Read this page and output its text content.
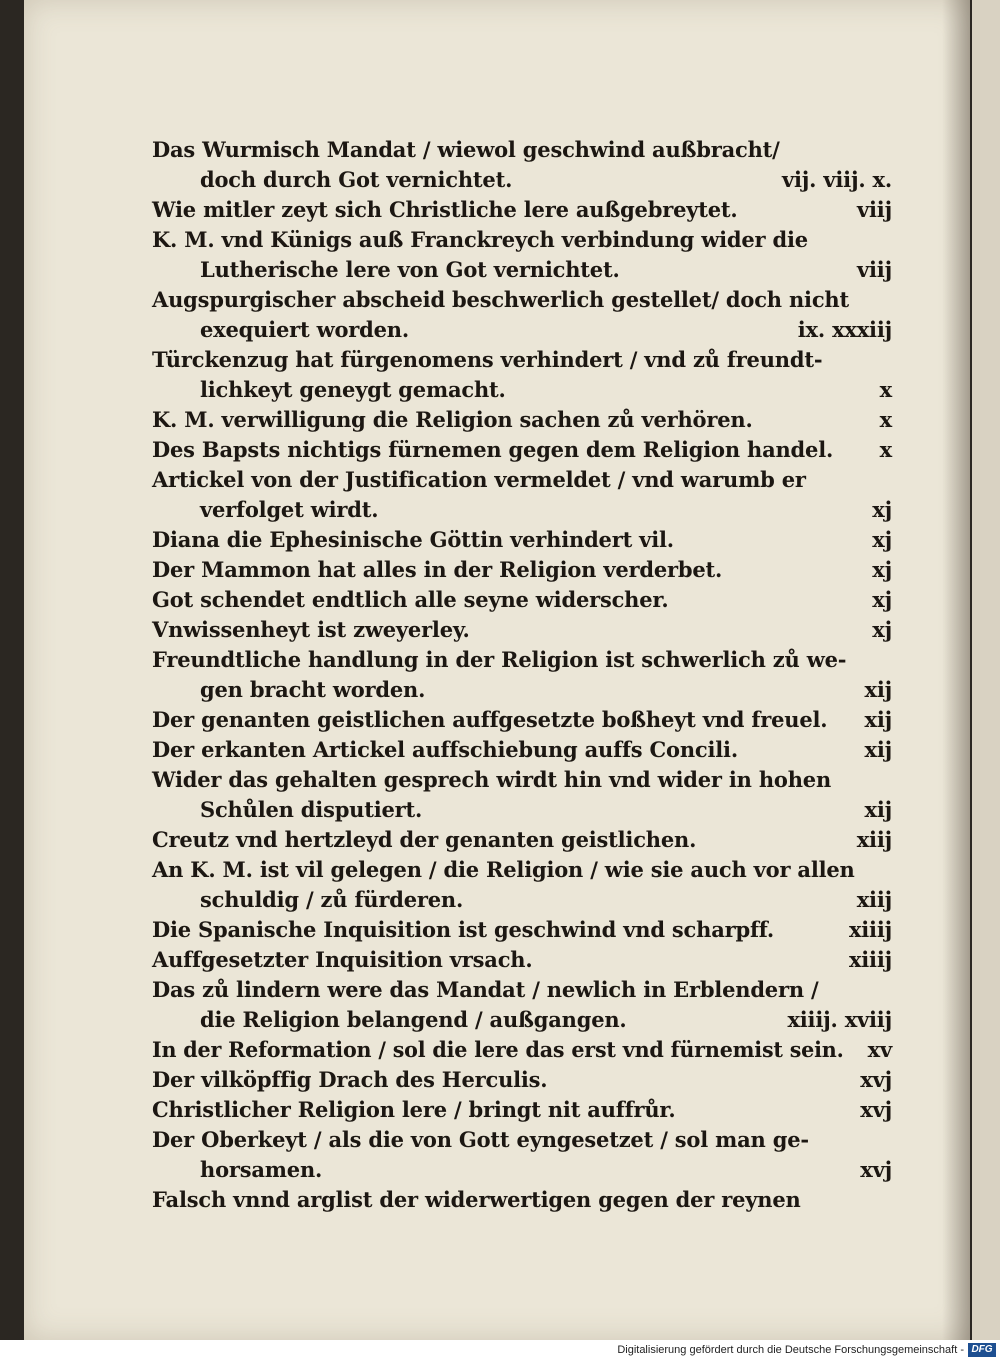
Das Wurmisch Mandat / wiewol geschwind außbracht/
doch durch Got vernichtet.	vij. viij. x.
Wie mitler zeyt sich Christliche lere außgebreytet.	viij
K. M. vnd Künigs auß Franckreych verbindung wider die
Lutherische lere von Got vernichtet.	viij
Augspurgischer abscheid beschwerlich gestellet/ doch nicht
exequiert worden.	ix. xxxiij
Türckenzug hat fürgenomens verhindert / vnd zů freundt-
lichkeyt geneygt gemacht.	x
K. M. verwilligung die Religion sachen zů verhören.	x
Des Bapsts nichtigs fürnemen gegen dem Religion handel. x
Artickel von der Justification vermeldet / vnd warumb er
verfolget wirdt.	xj
Diana die Ephesinische Göttin verhindert vil.	xj
Der Mammon hat alles in der Religion verderbet.	xj
Got schendet endtlich alle seyne widerscher.	xj
Vnwissenheyt ist zweyerley.	xj
Freundtliche handlung in der Religion ist schwerlich zů we-
gen bracht worden.	xij
Der genanten geistlichen auffgesetzte boßheyt vnd freuel. xij
Der erkanten Artickel auffschiebung auffs Concili.	xij
Wider das gehalten gesprech wirdt hin vnd wider in hohen
Schůlen disputiert.	xij
Creutz vnd hertzleyd der genanten geistlichen.	xiij
An K. M. ist vil gelegen / die Religion / wie sie auch vor allen
schuldig / zů fürderen.	xiij
Die Spanische Inquisition ist geschwind vnd scharpff.	xiiij
Auffgesetzter Inquisition vrsach.	xiiij
Das zů lindern were das Mandat / newlich in Erblendern /
die Religion belangend / außgangen.	xiiij. xviij
In der Reformation / sol die lere das erst vnd fürnemist sein. xv
Der vilköpffig Drach des Herculis.	xvj
Christlicher Religion lere / bringt nit auffrůr.	xvj
Der Oberkeyt / als die von Gott eyngesetzet / sol man ge-
horsamen.	xvj
Falsch vnnd arglist der widerwertigen gegen der reynen
Digitalisierung gefördert durch die Deutsche Forschungsgemeinschaft - DFG
